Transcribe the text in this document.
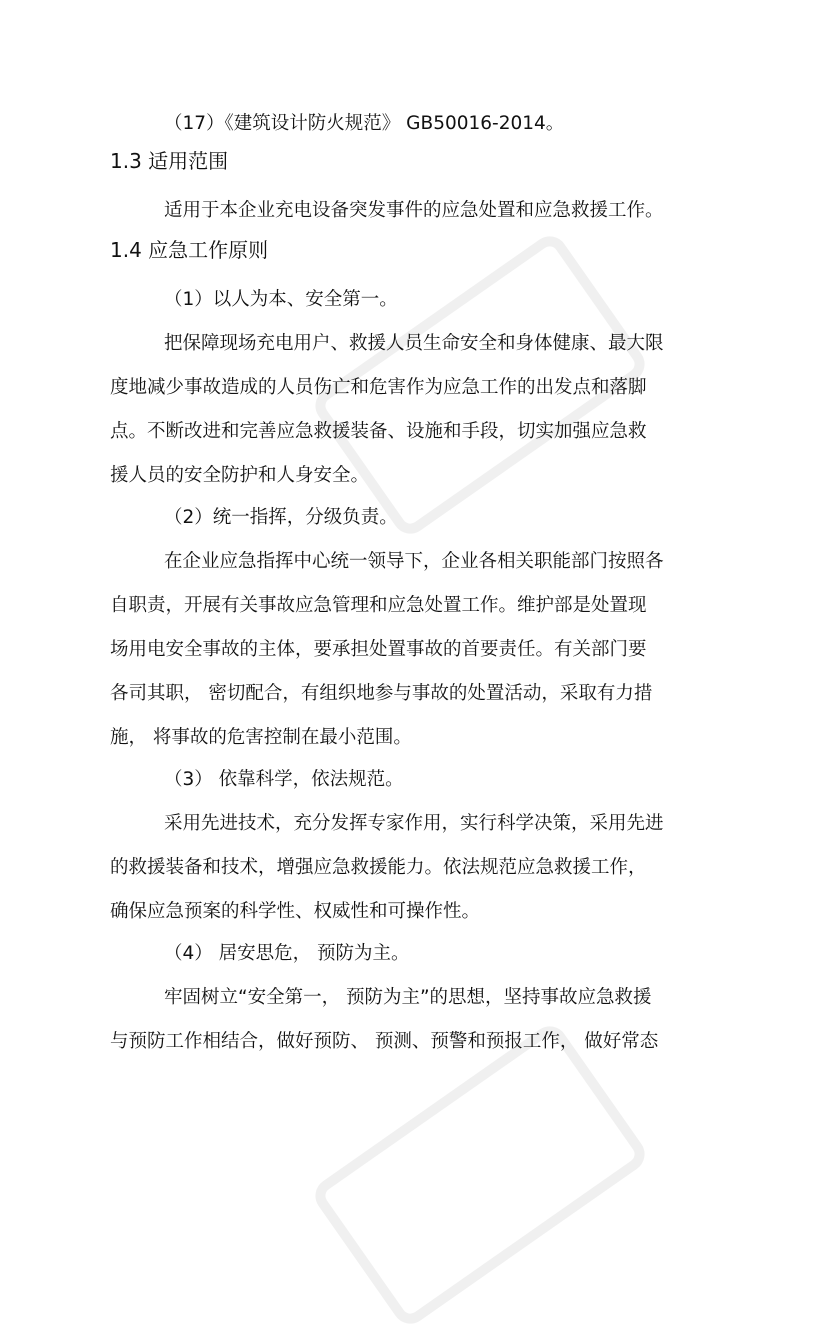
（17）《建筑设计防火规范》 GB50016-2014。
1.3 适用范围
适用于本企业充电设备突发事件的应急处置和应急救援工作。
1.4 应急工作原则
（1）以人为本、安全第一。
把保障现场充电用户、救援人员生命安全和身体健康、最大限
度地减少事故造成的人员伤亡和危害作为应急工作的出发点和落脚
点。不断改进和完善应急救援装备、设施和手段，切实加强应急救
援人员的安全防护和人身安全。
（2）统一指挥，分级负责。
在企业应急指挥中心统一领导下，企业各相关职能部门按照各
自职责，开展有关事故应急管理和应急处置工作。维护部是处置现
场用电安全事故的主体，要承担处置事故的首要责任。有关部门要
各司其职， 密切配合，有组织地参与事故的处置活动，采取有力措
施， 将事故的危害控制在最小范围。
（3） 依靠科学，依法规范。
采用先进技术，充分发挥专家作用，实行科学决策，采用先进
的救援装备和技术，增强应急救援能力。依法规范应急救援工作，
确保应急预案的科学性、权威性和可操作性。
（4） 居安思危， 预防为主。
牢固树立“安全第一， 预防为主”的思想，坚持事故应急救援
与预防工作相结合，做好预防、 预测、预警和预报工作， 做好常态
